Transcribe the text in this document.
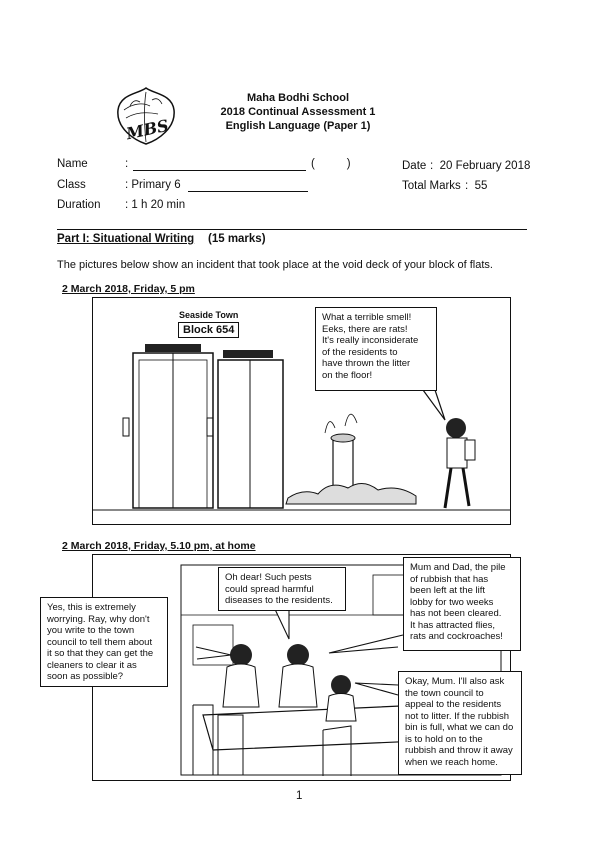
MBS
Maha Bodhi School
2018 Continual Assessment 1
English Language (Paper 1)
Name	:	(          )
Class	: Primary 6
Duration : 1 h 20 min
Date :  20 February 2018
Total Marks :  55
Part I: Situational Writing (15 marks)
The pictures below show an incident that took place at the void deck of your block of flats.
2 March 2018, Friday, 5 pm
Seaside Town
Block 654
What a terrible smell!
Eeks, there are rats!
It's really inconsiderate
of the residents to
have thrown the litter
on the floor!
2 March 2018, Friday, 5.10 pm, at home
Oh dear! Such pests
could spread harmful
diseases to the residents.
Mum and Dad, the pile
of rubbish that has
been left at the lift
lobby for two weeks
has not been cleared.
It has attracted flies,
rats and cockroaches!
Okay, Mum. I'll also ask
the town council to
appeal to the residents
not to litter. If the rubbish
bin is full, what we can do
is to hold on to the
rubbish and throw it away
when we reach home.
Yes, this is extremely
worrying. Ray, why don't
you write to the town
council to tell them about
it so that they can get the
cleaners to clear it as
soon as possible?
1
